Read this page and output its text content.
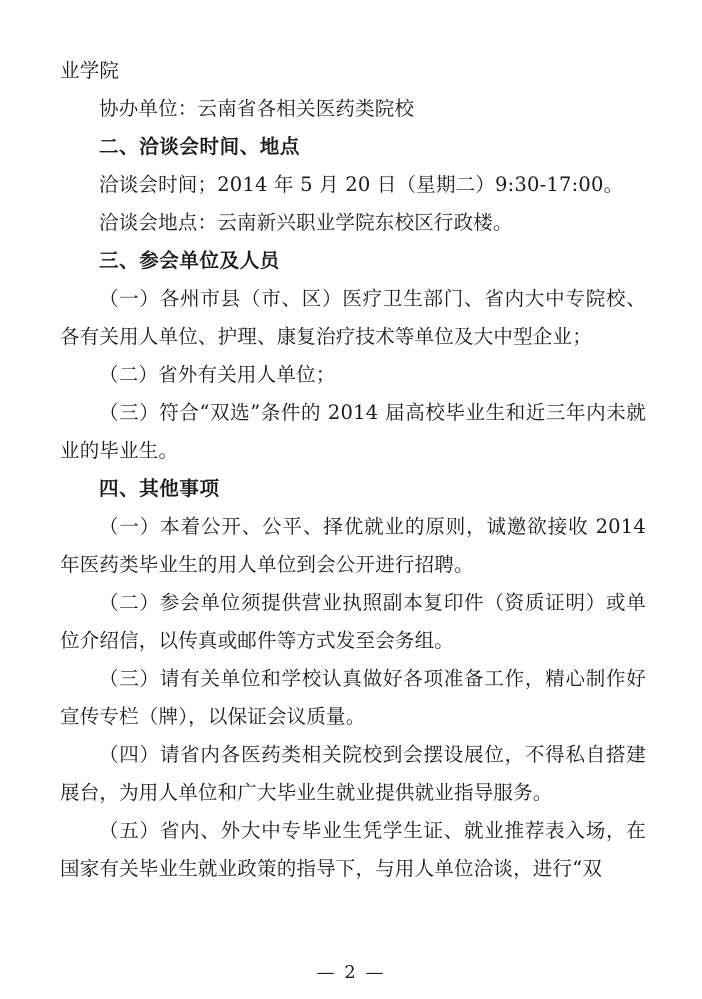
业学院

协办单位：云南省各相关医药类院校

二、洽谈会时间、地点

洽谈会时间；2014 年 5 月 20 日（星期二）9:30-17:00。

洽谈会地点：云南新兴职业学院东校区行政楼。

三、参会单位及人员

（一）各州市县（市、区）医疗卫生部门、省内大中专院校、各有关用人单位、护理、康复治疗技术等单位及大中型企业；

（二）省外有关用人单位；

（三）符合“双选”条件的 2014 届高校毕业生和近三年内未就业的毕业生。

四、其他事项

（一）本着公开、公平、择优就业的原则，诚邀欲接收 2014 年医药类毕业生的用人单位到会公开进行招聘。

（二）参会单位须提供营业执照副本复印件（资质证明）或单位介绍信，以传真或邮件等方式发至会务组。

（三）请有关单位和学校认真做好各项准备工作，精心制作好宣传专栏（牌），以保证会议质量。

（四）请省内各医药类相关院校到会摆设展位，不得私自搭建展台，为用人单位和广大毕业生就业提供就业指导服务。

（五）省内、外大中专毕业生凭学生证、就业推荐表入场，在国家有关毕业生就业政策的指导下，与用人单位洽谈，进行“双

— 2 —
